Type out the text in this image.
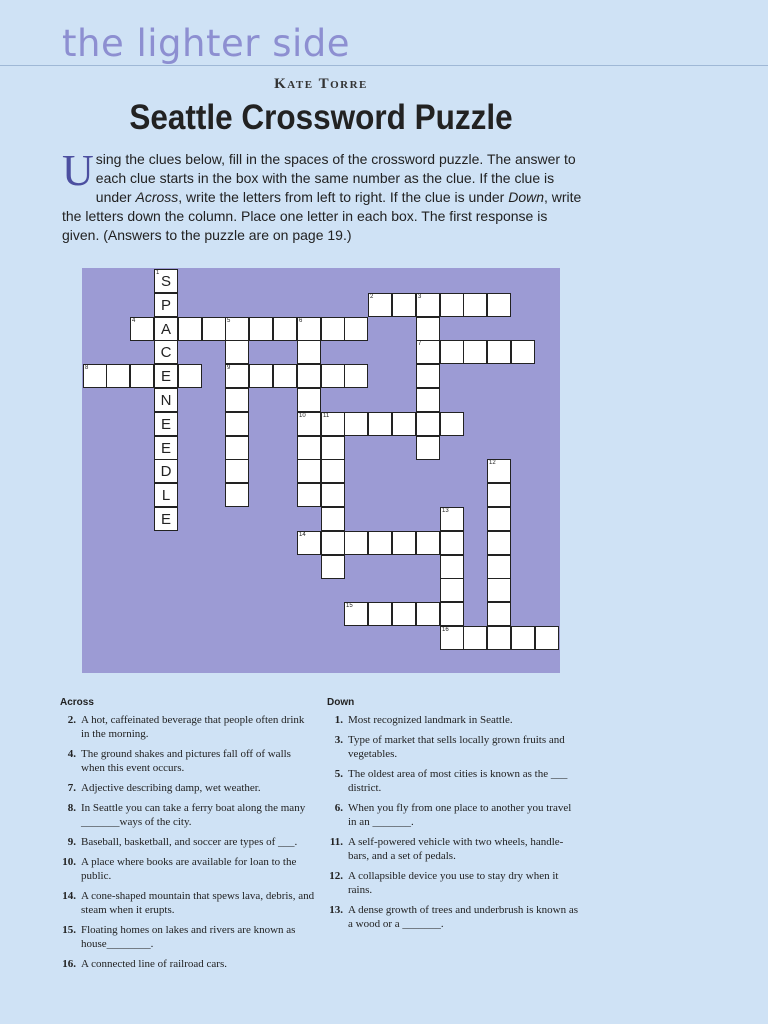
the lighter side
Kate Torre
Seattle Crossword Puzzle
Using the clues below, fill in the spaces of the crossword puzzle. The answer to each clue starts in the box with the same number as the clue. If the clue is under Across, write the letters from left to right. If the clue is under Down, write the letters down the column. Place one letter in each box. The first response is given. (Answers to the puzzle are on page 19.)
1 S
P
A
C
E
N
E
E
D
L
E
2	3
4	5	6
7
8	9
10	11
12
13
14
15
16
Across
2. A hot, caffeinated beverage that people often drink in the morning.
4. The ground shakes and pictures fall off of walls when this event occurs.
7. Adjective describing damp, wet weather.
8. In Seattle you can take a ferry boat along the many _______ways of the city.
9. Baseball, basketball, and soccer are types of ___.
10. A place where books are available for loan to the public.
14. A cone-shaped mountain that spews lava, debris, and steam when it erupts.
15. Floating homes on lakes and rivers are known as house________.
16. A connected line of railroad cars.
Down
1. Most recognized landmark in Seattle.
3. Type of market that sells locally grown fruits and vegetables.
5. The oldest area of most cities is known as the ___ district.
6. When you fly from one place to another you travel in an _______.
11. A self-powered vehicle with two wheels, handle-bars, and a set of pedals.
12. A collapsible device you use to stay dry when it rains.
13. A dense growth of trees and underbrush is known as a wood or a _______.
